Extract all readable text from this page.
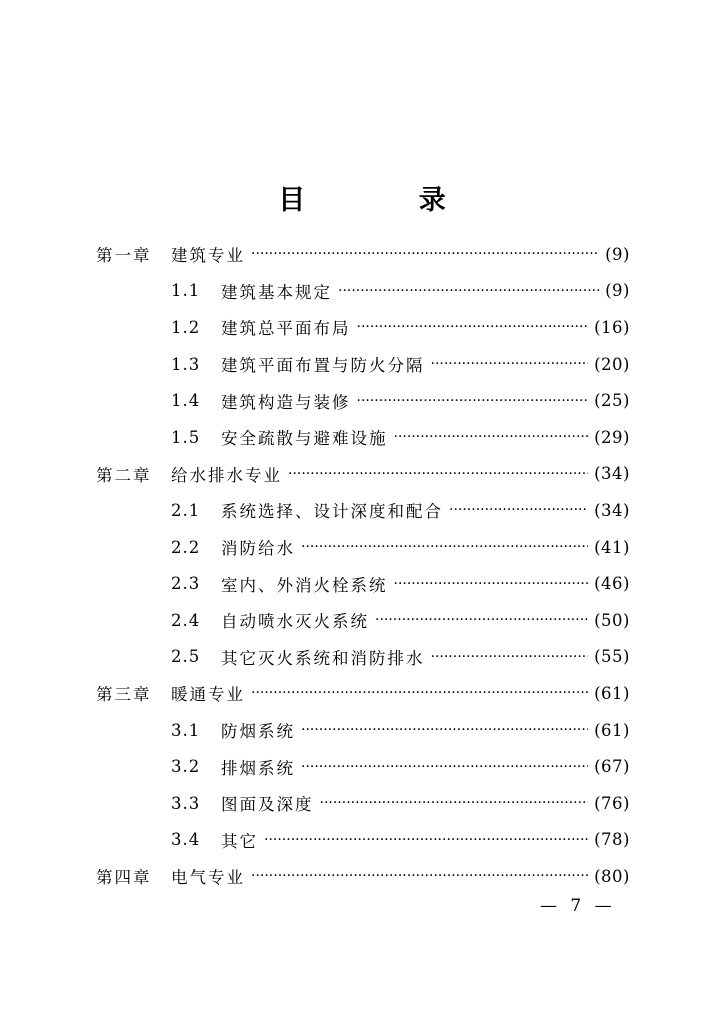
目 录
第一章	建筑专业 ·····	(9)
1.1	建筑基本规定 ·····	(9)
1.2	建筑总平面布局 ·····	(16)
1.3	建筑平面布置与防火分隔 ·····	(20)
1.4	建筑构造与装修 ·····	(25)
1.5	安全疏散与避难设施 ·····	(29)
第二章	给水排水专业 ·····	(34)
2.1	系统选择、设计深度和配合 ·····	(34)
2.2	消防给水 ·····	(41)
2.3	室内、外消火栓系统 ·····	(46)
2.4	自动喷水灭火系统 ·····	(50)
2.5	其它灭火系统和消防排水 ·····	(55)
第三章	暖通专业 ·····	(61)
3.1	防烟系统 ·····	(61)
3.2	排烟系统 ·····	(67)
3.3	图面及深度 ·····	(76)
3.4	其它 ·····	(78)
第四章	电气专业 ·····	(80)
— 7 —
